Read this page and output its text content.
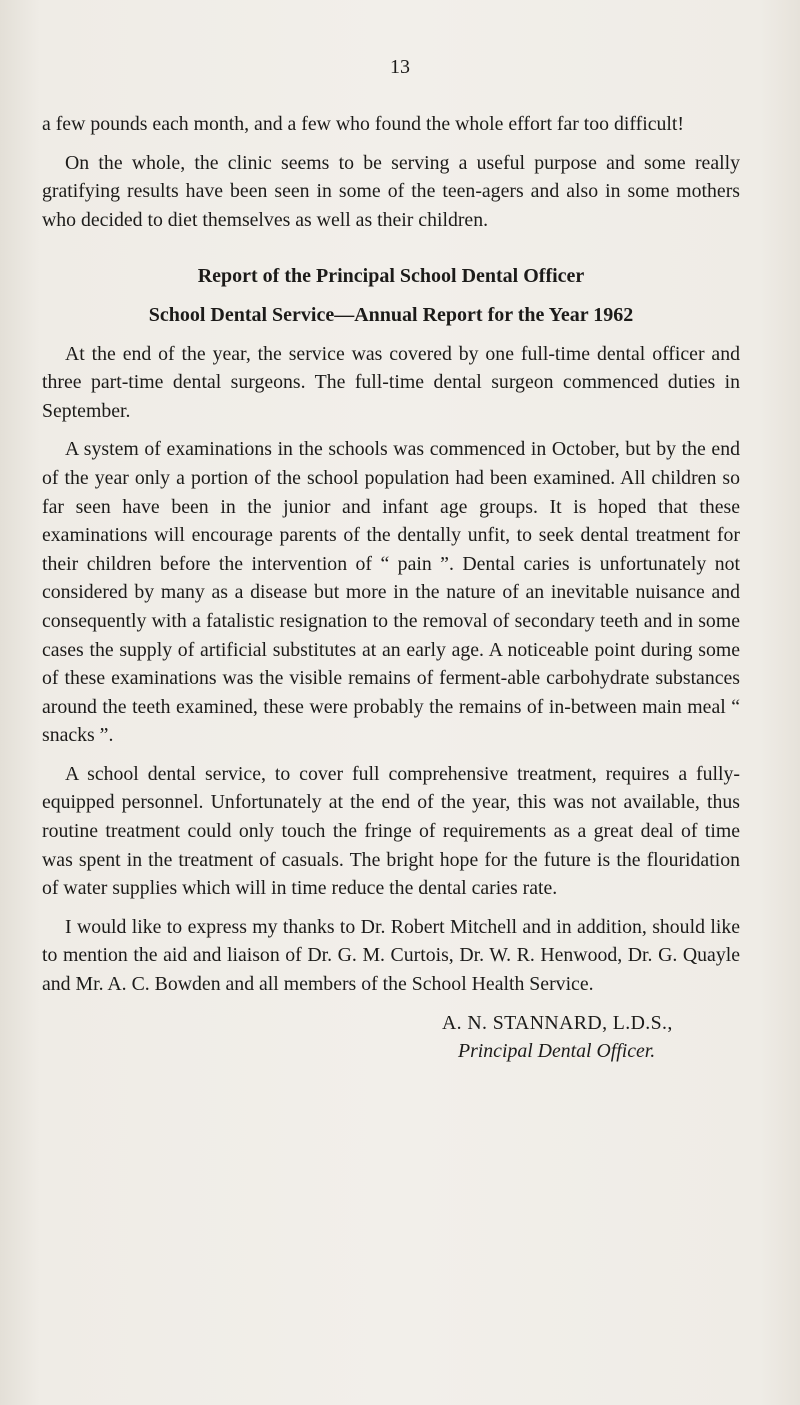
13

a few pounds each month, and a few who found the whole effort far too difficult!

On the whole, the clinic seems to be serving a useful purpose and some really gratifying results have been seen in some of the teen-agers and also in some mothers who decided to diet themselves as well as their children.

Report of the Principal School Dental Officer
School Dental Service—Annual Report for the Year 1962

At the end of the year, the service was covered by one full-time dental officer and three part-time dental surgeons. The full-time dental surgeon commenced duties in September.

A system of examinations in the schools was commenced in October, but by the end of the year only a portion of the school population had been examined. All children so far seen have been in the junior and infant age groups. It is hoped that these examinations will encourage parents of the dentally unfit, to seek dental treatment for their children before the intervention of “ pain ”. Dental caries is unfortunately not considered by many as a disease but more in the nature of an inevitable nuisance and consequently with a fatalistic resignation to the removal of secondary teeth and in some cases the supply of artificial substitutes at an early age. A noticeable point during some of these examinations was the visible remains of ferment-able carbohydrate substances around the teeth examined, these were probably the remains of in-between main meal “ snacks ”.

A school dental service, to cover full comprehensive treatment, requires a fully-equipped personnel. Unfortunately at the end of the year, this was not available, thus routine treatment could only touch the fringe of requirements as a great deal of time was spent in the treatment of casuals. The bright hope for the future is the flouridation of water supplies which will in time reduce the dental caries rate.

I would like to express my thanks to Dr. Robert Mitchell and in addition, should like to mention the aid and liaison of Dr. G. M. Curtois, Dr. W. R. Henwood, Dr. G. Quayle and Mr. A. C. Bowden and all members of the School Health Service.

A. N. STANNARD, L.D.S.,
Principal Dental Officer.
